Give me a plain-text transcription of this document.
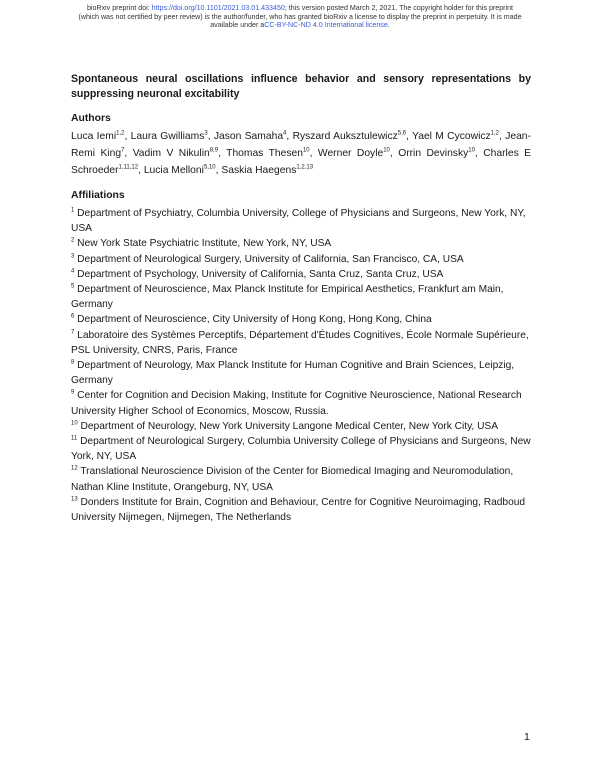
bioRxiv preprint doi: https://doi.org/10.1101/2021.03.01.433450; this version posted March 2, 2021. The copyright holder for this preprint
(which was not certified by peer review) is the author/funder, who has granted bioRxiv a license to display the preprint in perpetuity. It is made
available under aCC-BY-NC-ND 4.0 International license.
Spontaneous neural oscillations influence behavior and sensory representations by suppressing neuronal excitability
Authors
Luca Iemi$^{1,2}$, Laura Gwilliams$^3$, Jason Samaha$^4$, Ryszard Auksztulewicz$^{5,6}$, Yael M Cycowicz$^{1,2}$, Jean-Remi King$^7$, Vadim V Nikulin$^{8,9}$, Thomas Thesen$^{10}$, Werner Doyle$^{10}$, Orrin Devinsky$^{10}$, Charles E Schroeder$^{1,11,12}$, Lucia Melloni$^{5,10}$, Saskia Haegens$^{1,2,13}$
Affiliations

$^1$ Department of Psychiatry, Columbia University, College of Physicians and Surgeons, New York, NY, USA

$^2$ New York State Psychiatric Institute, New York, NY, USA

$^3$ Department of Neurological Surgery, University of California, San Francisco, CA, USA

$^4$ Department of Psychology, University of California, Santa Cruz, Santa Cruz, USA

$^5$ Department of Neuroscience, Max Planck Institute for Empirical Aesthetics, Frankfurt am Main, Germany

$^6$ Department of Neuroscience, City University of Hong Kong, Hong Kong, China

$^7$ Laboratoire des Systèmes Perceptifs, Département d'Études Cognitives, École Normale Supérieure, PSL University, CNRS, Paris, France

$^8$ Department of Neurology, Max Planck Institute for Human Cognitive and Brain Sciences, Leipzig, Germany

$^9$ Center for Cognition and Decision Making, Institute for Cognitive Neuroscience, National Research University Higher School of Economics, Moscow, Russia.

$^{10}$ Department of Neurology, New York University Langone Medical Center, New York City, USA

$^{11}$ Department of Neurological Surgery, Columbia University College of Physicians and Surgeons, New York, NY, USA

$^{12}$ Translational Neuroscience Division of the Center for Biomedical Imaging and Neuromodulation, Nathan Kline Institute, Orangeburg, NY, USA

$^{13}$ Donders Institute for Brain, Cognition and Behaviour, Centre for Cognitive Neuroimaging, Radboud University Nijmegen, Nijmegen, The Netherlands

1
